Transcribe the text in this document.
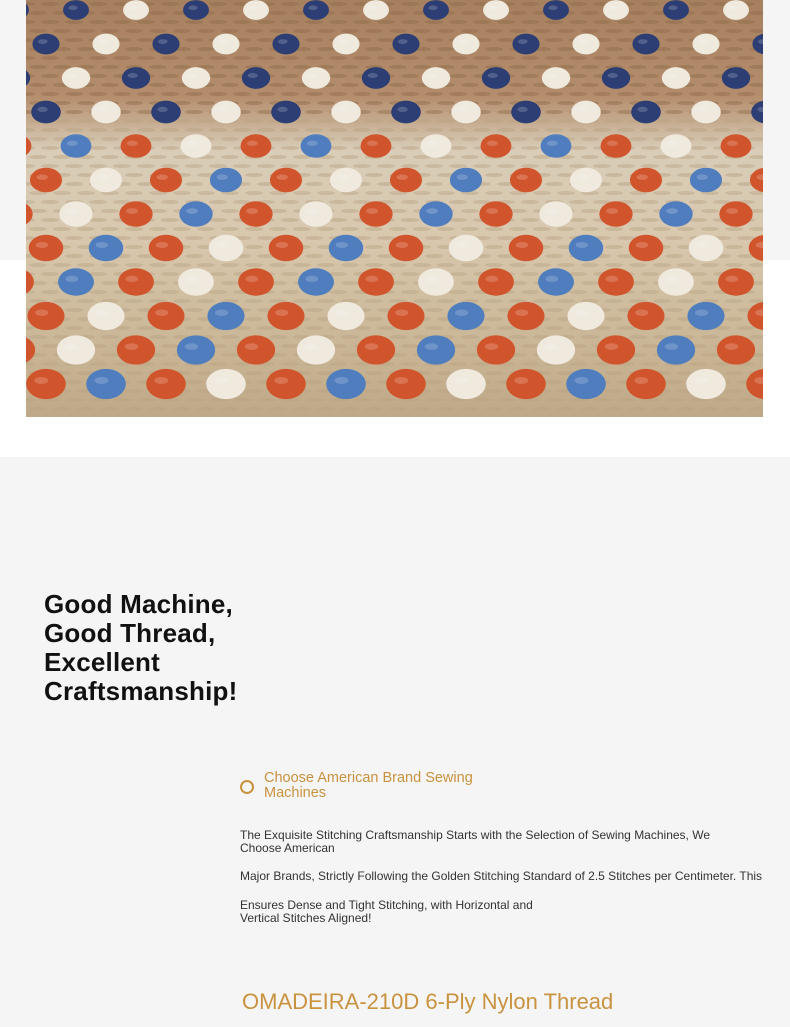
Good Machine,
Good Thread,
Excellent
Craftsmanship!
Choose American Brand Sewing Machines

The Exquisite Stitching Craftsmanship Starts with the Selection of Sewing Machines, We Choose American

Major Brands, Strictly Following the Golden Stitching Standard of 2.5 Stitches per Centimeter. This

Ensures Dense and Tight Stitching, with Horizontal and Vertical Stitches Aligned!

OMADEIRA-210D 6-Ply Nylon Thread
